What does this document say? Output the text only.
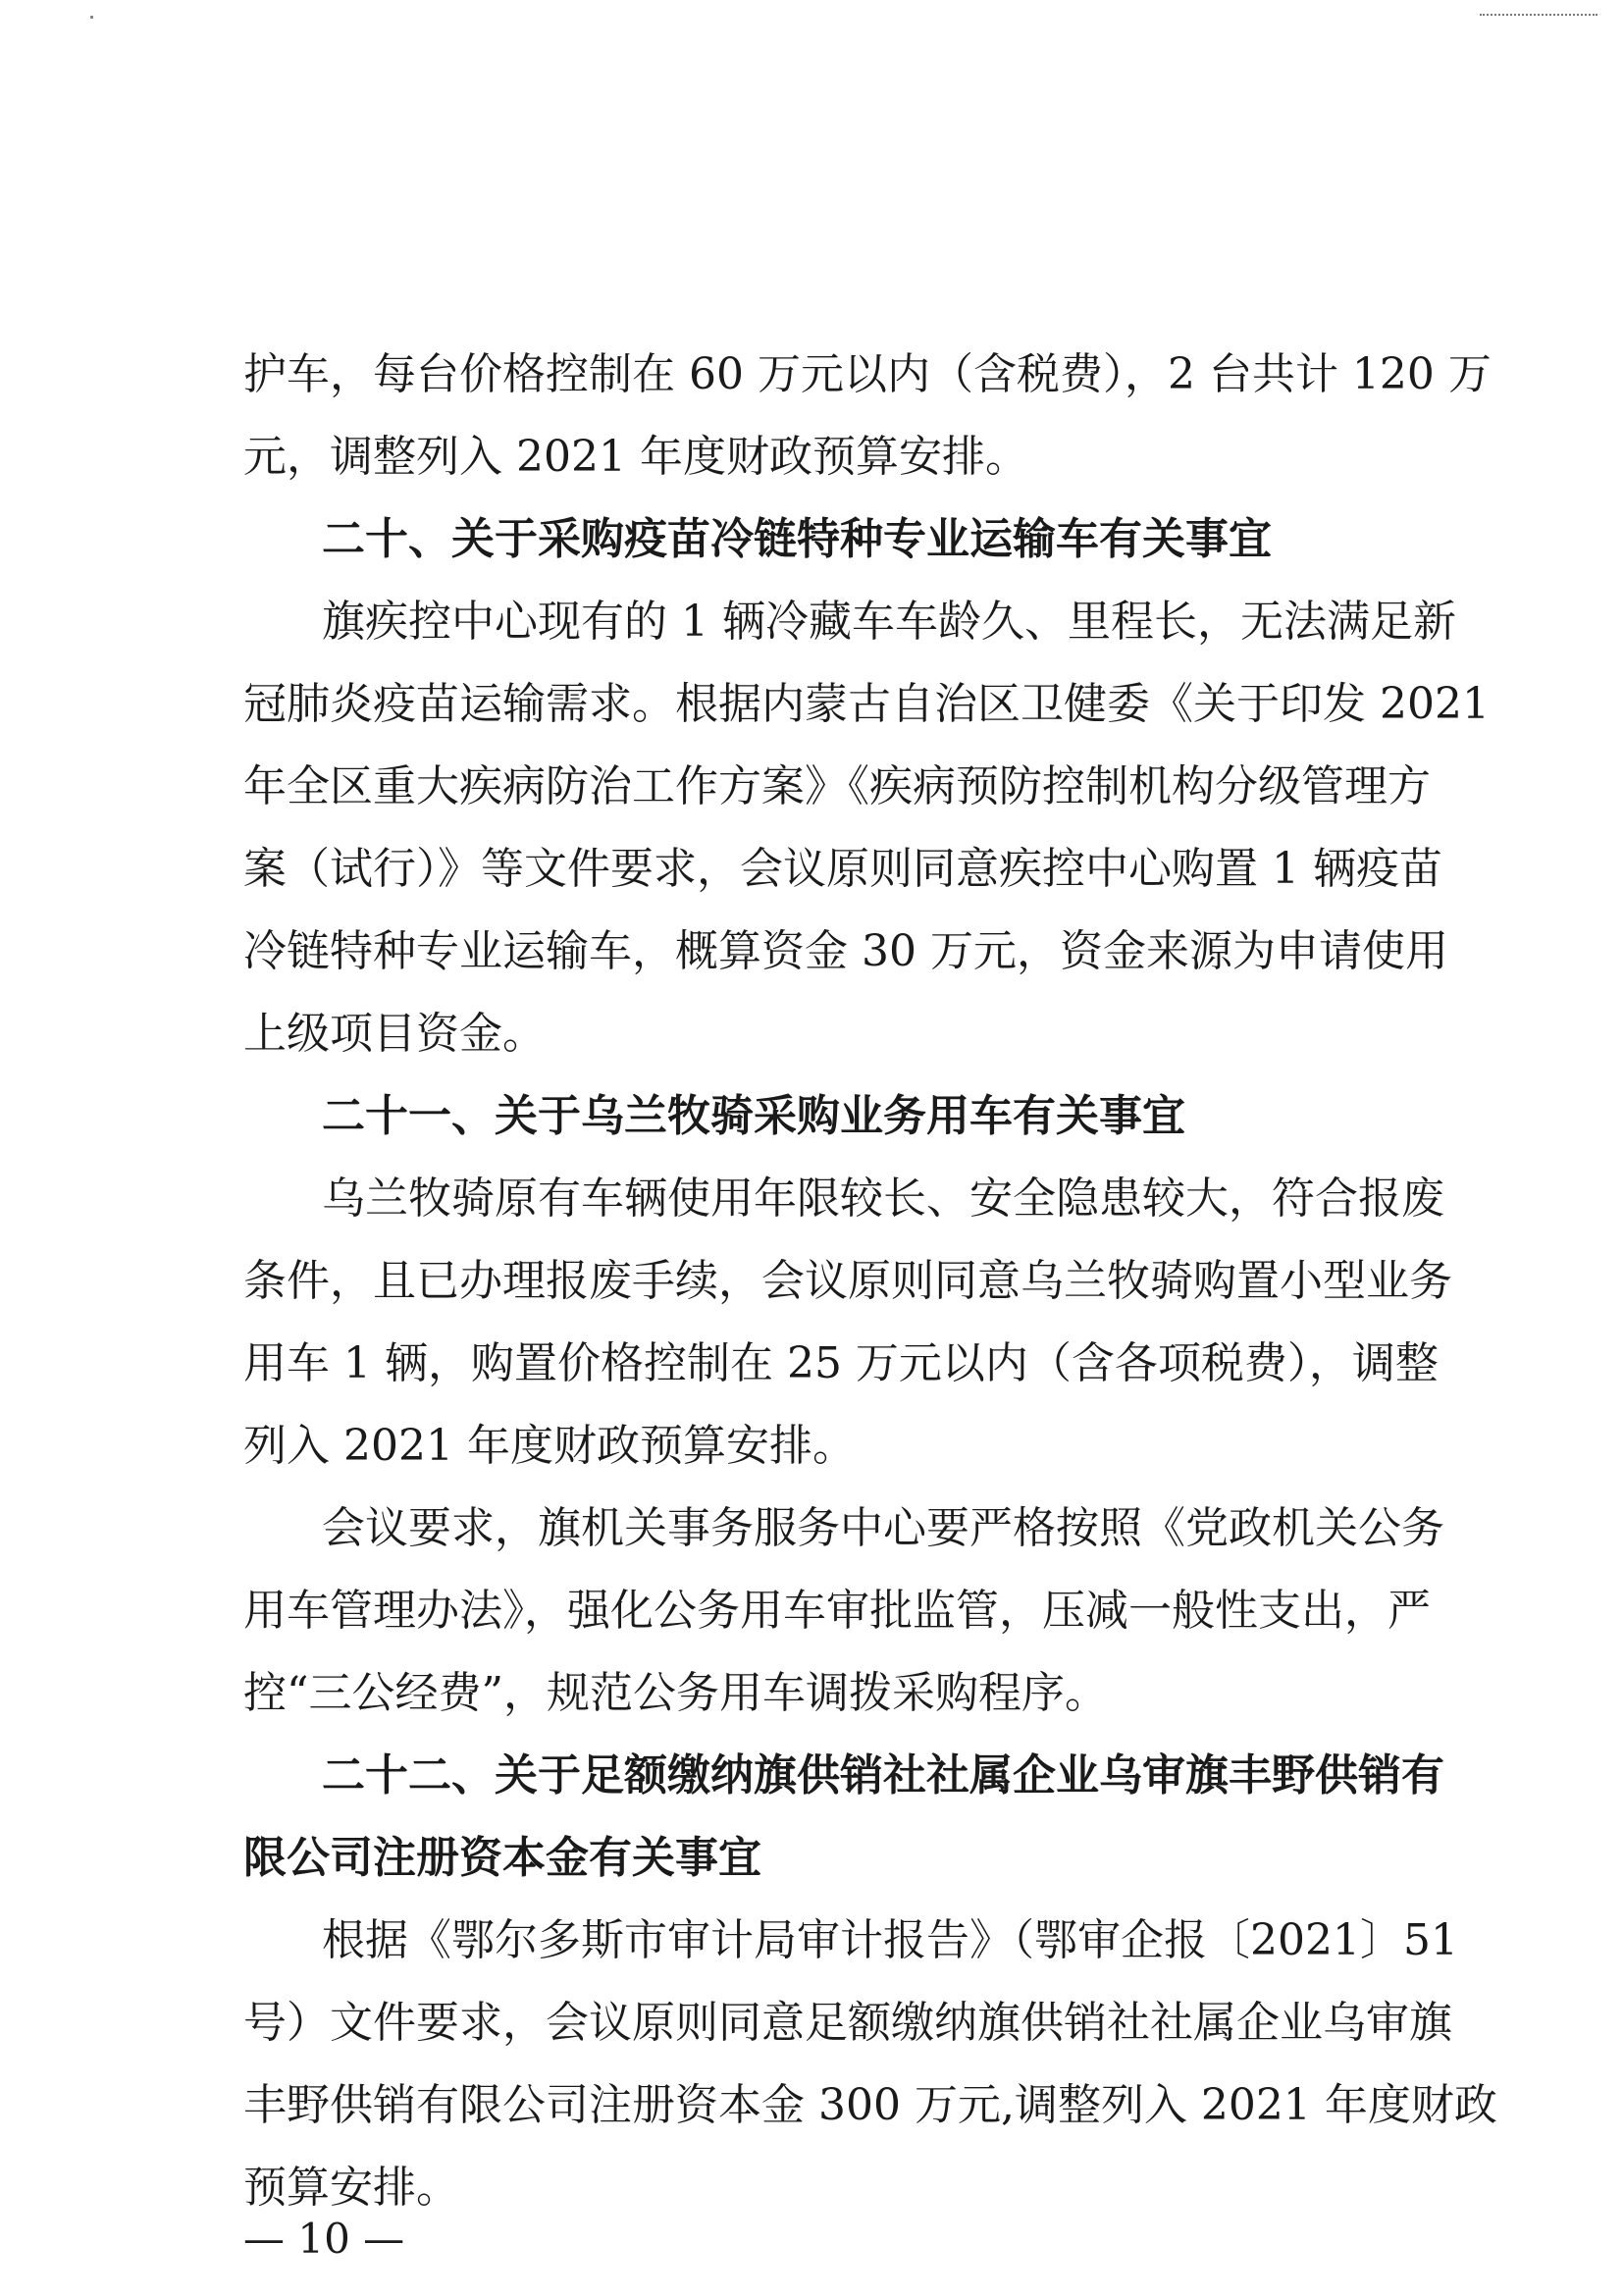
护车，每台价格控制在 60 万元以内（含税费），2 台共计 120 万
元，调整列入 2021 年度财政预算安排。
二十、关于采购疫苗冷链特种专业运输车有关事宜
旗疾控中心现有的 1 辆冷藏车车龄久、里程长，无法满足新
冠肺炎疫苗运输需求。根据内蒙古自治区卫健委《关于印发 2021
年全区重大疾病防治工作方案》《疾病预防控制机构分级管理方
案（试行）》等文件要求，会议原则同意疾控中心购置 1 辆疫苗
冷链特种专业运输车，概算资金 30 万元，资金来源为申请使用
上级项目资金。
二十一、关于乌兰牧骑采购业务用车有关事宜
乌兰牧骑原有车辆使用年限较长、安全隐患较大，符合报废
条件，且已办理报废手续，会议原则同意乌兰牧骑购置小型业务
用车 1 辆，购置价格控制在 25 万元以内（含各项税费），调整
列入 2021 年度财政预算安排。
会议要求，旗机关事务服务中心要严格按照《党政机关公务
用车管理办法》，强化公务用车审批监管，压减一般性支出，严
控“三公经费”，规范公务用车调拨采购程序。
二十二、关于足额缴纳旗供销社社属企业乌审旗丰野供销有
限公司注册资本金有关事宜
根据《鄂尔多斯市审计局审计报告》（鄂审企报〔2021〕51
号）文件要求，会议原则同意足额缴纳旗供销社社属企业乌审旗
丰野供销有限公司注册资本金 300 万元,调整列入 2021 年度财政
预算安排。
— 10 —
